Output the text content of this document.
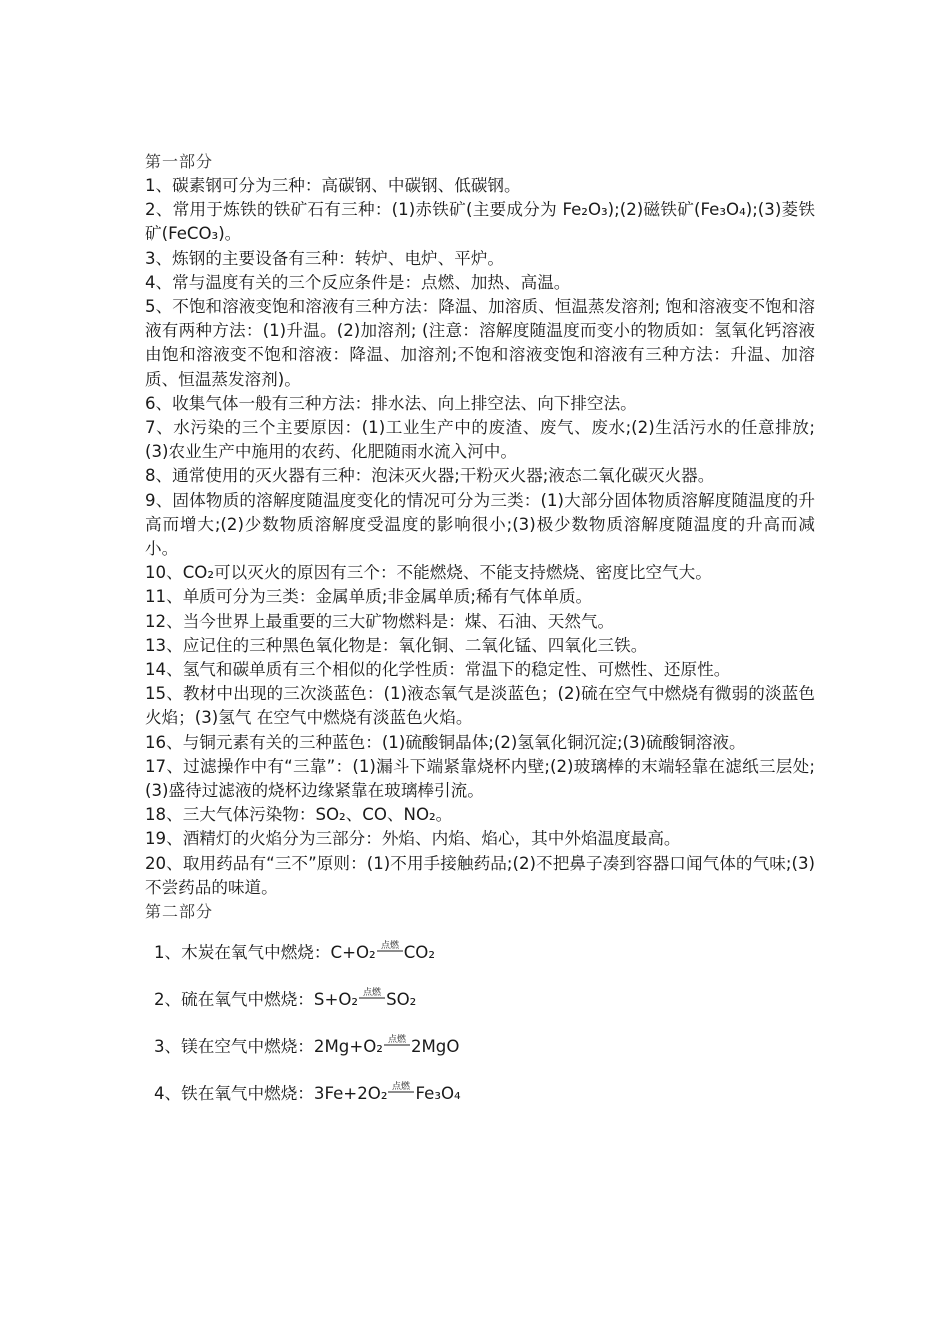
第一部分
1、碳素钢可分为三种：高碳钢、中碳钢、低碳钢。
2、常用于炼铁的铁矿石有三种：(1)赤铁矿(主要成分为 Fe₂O₃);(2)磁铁矿(Fe₃O₄);(3)菱铁矿(FeCO₃)。
3、炼钢的主要设备有三种：转炉、电炉、平炉。
4、常与温度有关的三个反应条件是：点燃、加热、高温。
5、不饱和溶液变饱和溶液有三种方法：降温、加溶质、恒温蒸发溶剂; 饱和溶液变不饱和溶液有两种方法：(1)升温。(2)加溶剂; (注意：溶解度随温度而变小的物质如：氢氧化钙溶液由饱和溶液变不饱和溶液：降温、加溶剂;不饱和溶液变饱和溶液有三种方法：升温、加溶质、恒温蒸发溶剂)。
6、收集气体一般有三种方法：排水法、向上排空法、向下排空法。
7、水污染的三个主要原因：(1)工业生产中的废渣、废气、废水;(2)生活污水的任意排放;(3)农业生产中施用的农药、化肥随雨水流入河中。
8、通常使用的灭火器有三种：泡沫灭火器;干粉灭火器;液态二氧化碳灭火器。
9、固体物质的溶解度随温度变化的情况可分为三类：(1)大部分固体物质溶解度随温度的升高而增大;(2)少数物质溶解度受温度的影响很小;(3)极少数物质溶解度随温度的升高而减小。
10、CO₂可以灭火的原因有三个：不能燃烧、不能支持燃烧、密度比空气大。
11、单质可分为三类：金属单质;非金属单质;稀有气体单质。
12、当今世界上最重要的三大矿物燃料是：煤、石油、天然气。
13、应记住的三种黑色氧化物是：氧化铜、二氧化锰、四氧化三铁。
14、氢气和碳单质有三个相似的化学性质：常温下的稳定性、可燃性、还原性。
15、教材中出现的三次淡蓝色：(1)液态氧气是淡蓝色；(2)硫在空气中燃烧有微弱的淡蓝色火焰；(3)氢气 在空气中燃烧有淡蓝色火焰。
16、与铜元素有关的三种蓝色：(1)硫酸铜晶体;(2)氢氧化铜沉淀;(3)硫酸铜溶液。
17、过滤操作中有“三靠”：(1)漏斗下端紧靠烧杯内壁;(2)玻璃棒的末端轻靠在滤纸三层处;(3)盛待过滤液的烧杯边缘紧靠在玻璃棒引流。
18、三大气体污染物：SO₂、CO、NO₂。
19、酒精灯的火焰分为三部分：外焰、内焰、焰心，其中外焰温度最高。
20、取用药品有“三不”原则：(1)不用手接触药品;(2)不把鼻子凑到容器口闻气体的气味;(3)不尝药品的味道。
第二部分
1、木炭在氧气中燃烧：C+O₂ 点燃 CO₂
2、硫在氧气中燃烧：S+O₂ 点燃 SO₂
3、镁在空气中燃烧：2Mg+O₂ 点燃 2MgO
4、铁在氧气中燃烧：3Fe+2O₂ 点燃 Fe₃O₄
